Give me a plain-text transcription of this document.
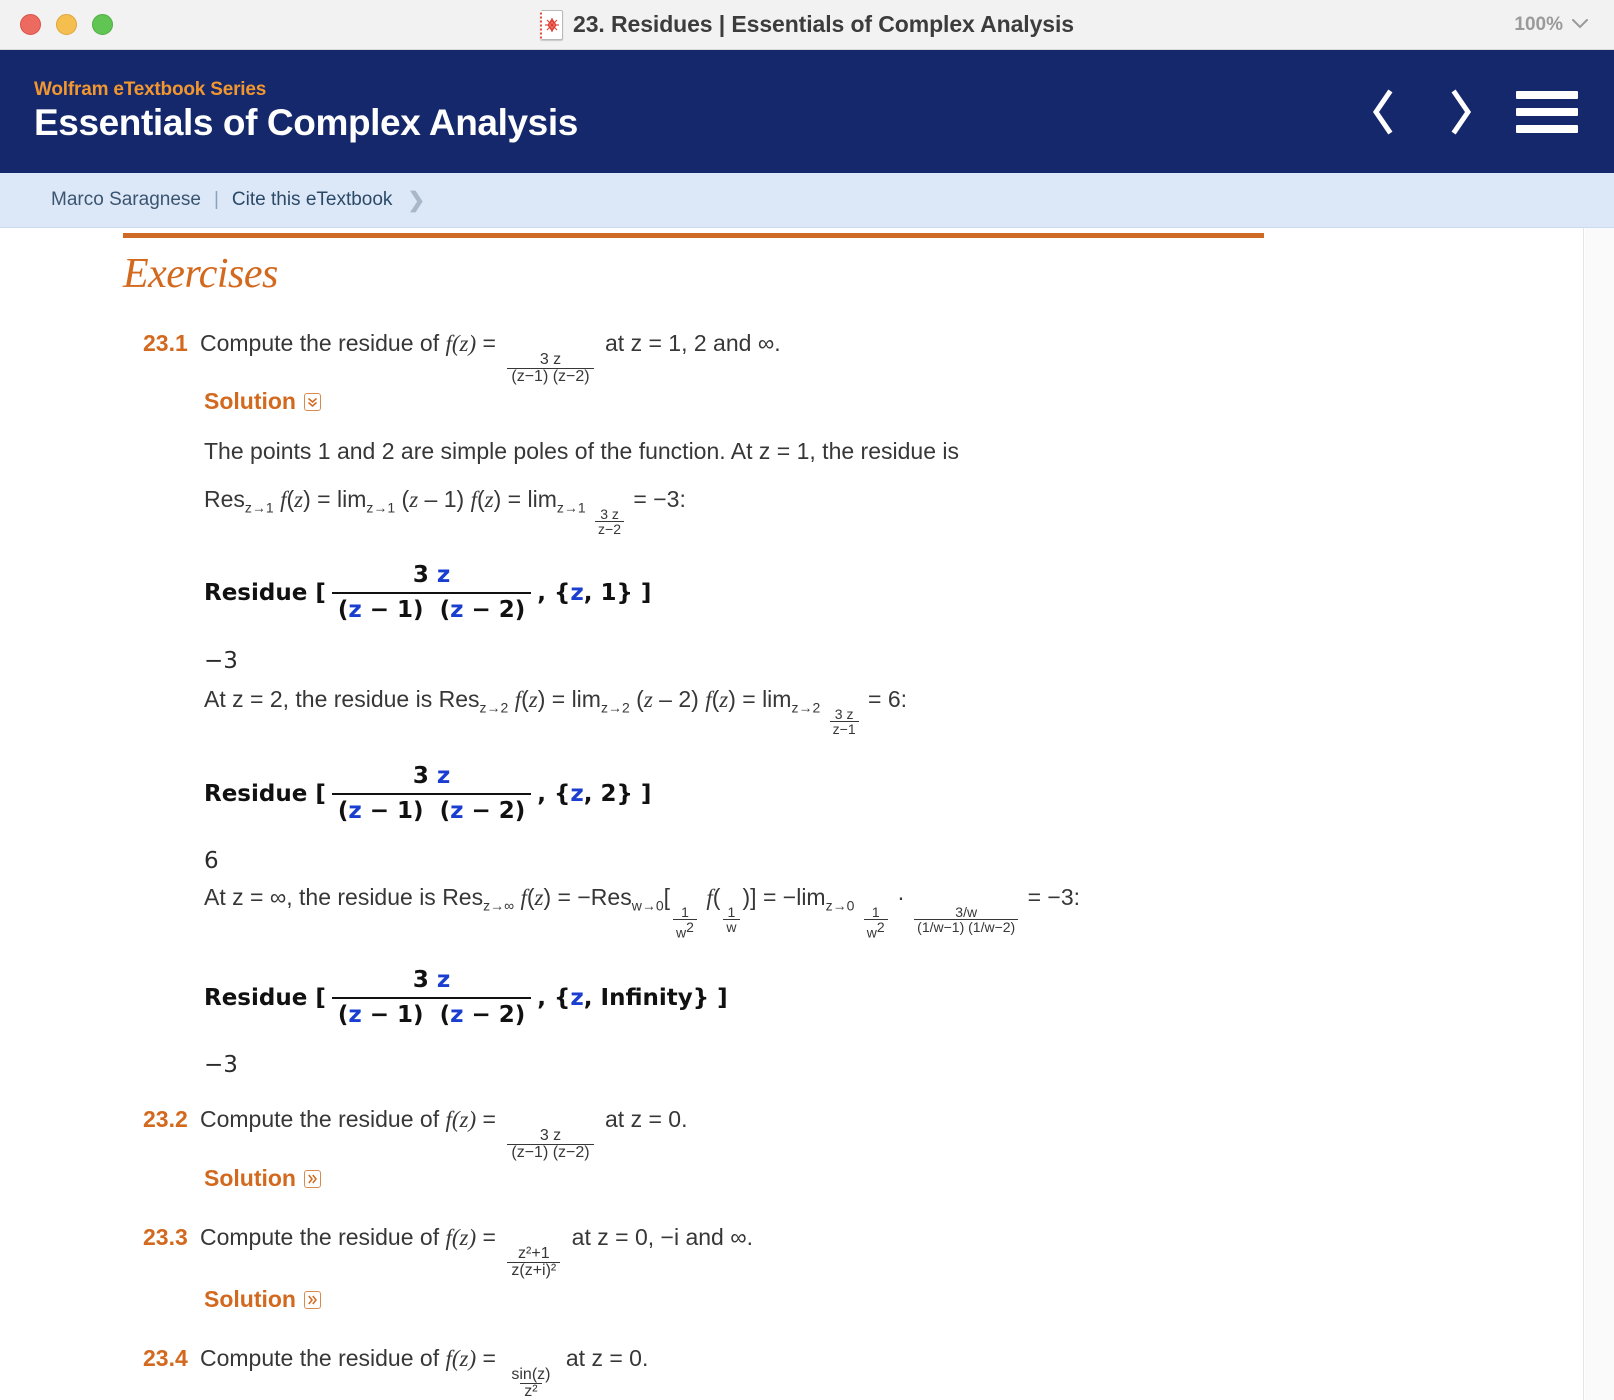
23. Residues | Essentials of Complex Analysis	100%
Wolfram eTextbook Series
Essentials of Complex Analysis
Marco Saragnese | Cite this eTextbook ❯
Exercises
23.1 Compute the residue of f(z) =
$\frac{3 z}{(z-1) (z-2)}$
at z = 1, 2 and ∞.
Solution
The points 1 and 2 are simple poles of the function. At z = 1, the residue is
Res$_{z\to 1}$ $f(z) = \lim_{z\to 1} (z - 1) f(z) = \lim_{z\to 1} \frac{3 z}{z-2}$
= −3:
Residue [ $\frac{3 z}{(z - 1) (z - 2)}$ , {z, 1} ]
−3
At z = 2, the residue is Res$_{z\to 2}$ $f(z) = \lim_{z\to 2} (z - 2) f(z) = \lim_{z\to 2} \frac{3 z}{z-1}$
= 6:
Residue [ $\frac{3 z}{(z - 1) (z - 2)}$ , {z, 2} ]
6
At z = ∞, the residue is Res$_{z\to\infty}$ f(z) = −Res$_{w\to 0}$[
$\frac{1}{w^2}$
f(
$\frac{1}{w}$
)] = $-\lim_{z\to 0} \frac{1}{w^2}$
·
$\frac{3/w}{(1/w-1) (1/w-2)}$
= −3:
Residue [ $\frac{3 z}{(z - 1) (z - 2)}$ , {z, Infinity} ]
−3
23.2 Compute the residue of f(z) =
$\frac{3 z}{(z-1) (z-2)}$
at z = 0.
Solution
23.3 Compute the residue of f(z) =
$\frac{\text{z²+1}}{\text{z(z+i)²}}$
at z = 0, −i and ∞.
Solution
23.4 Compute the residue of f(z) =
$\frac{\sin(z)}{\text{z²}}$
at z = 0.
